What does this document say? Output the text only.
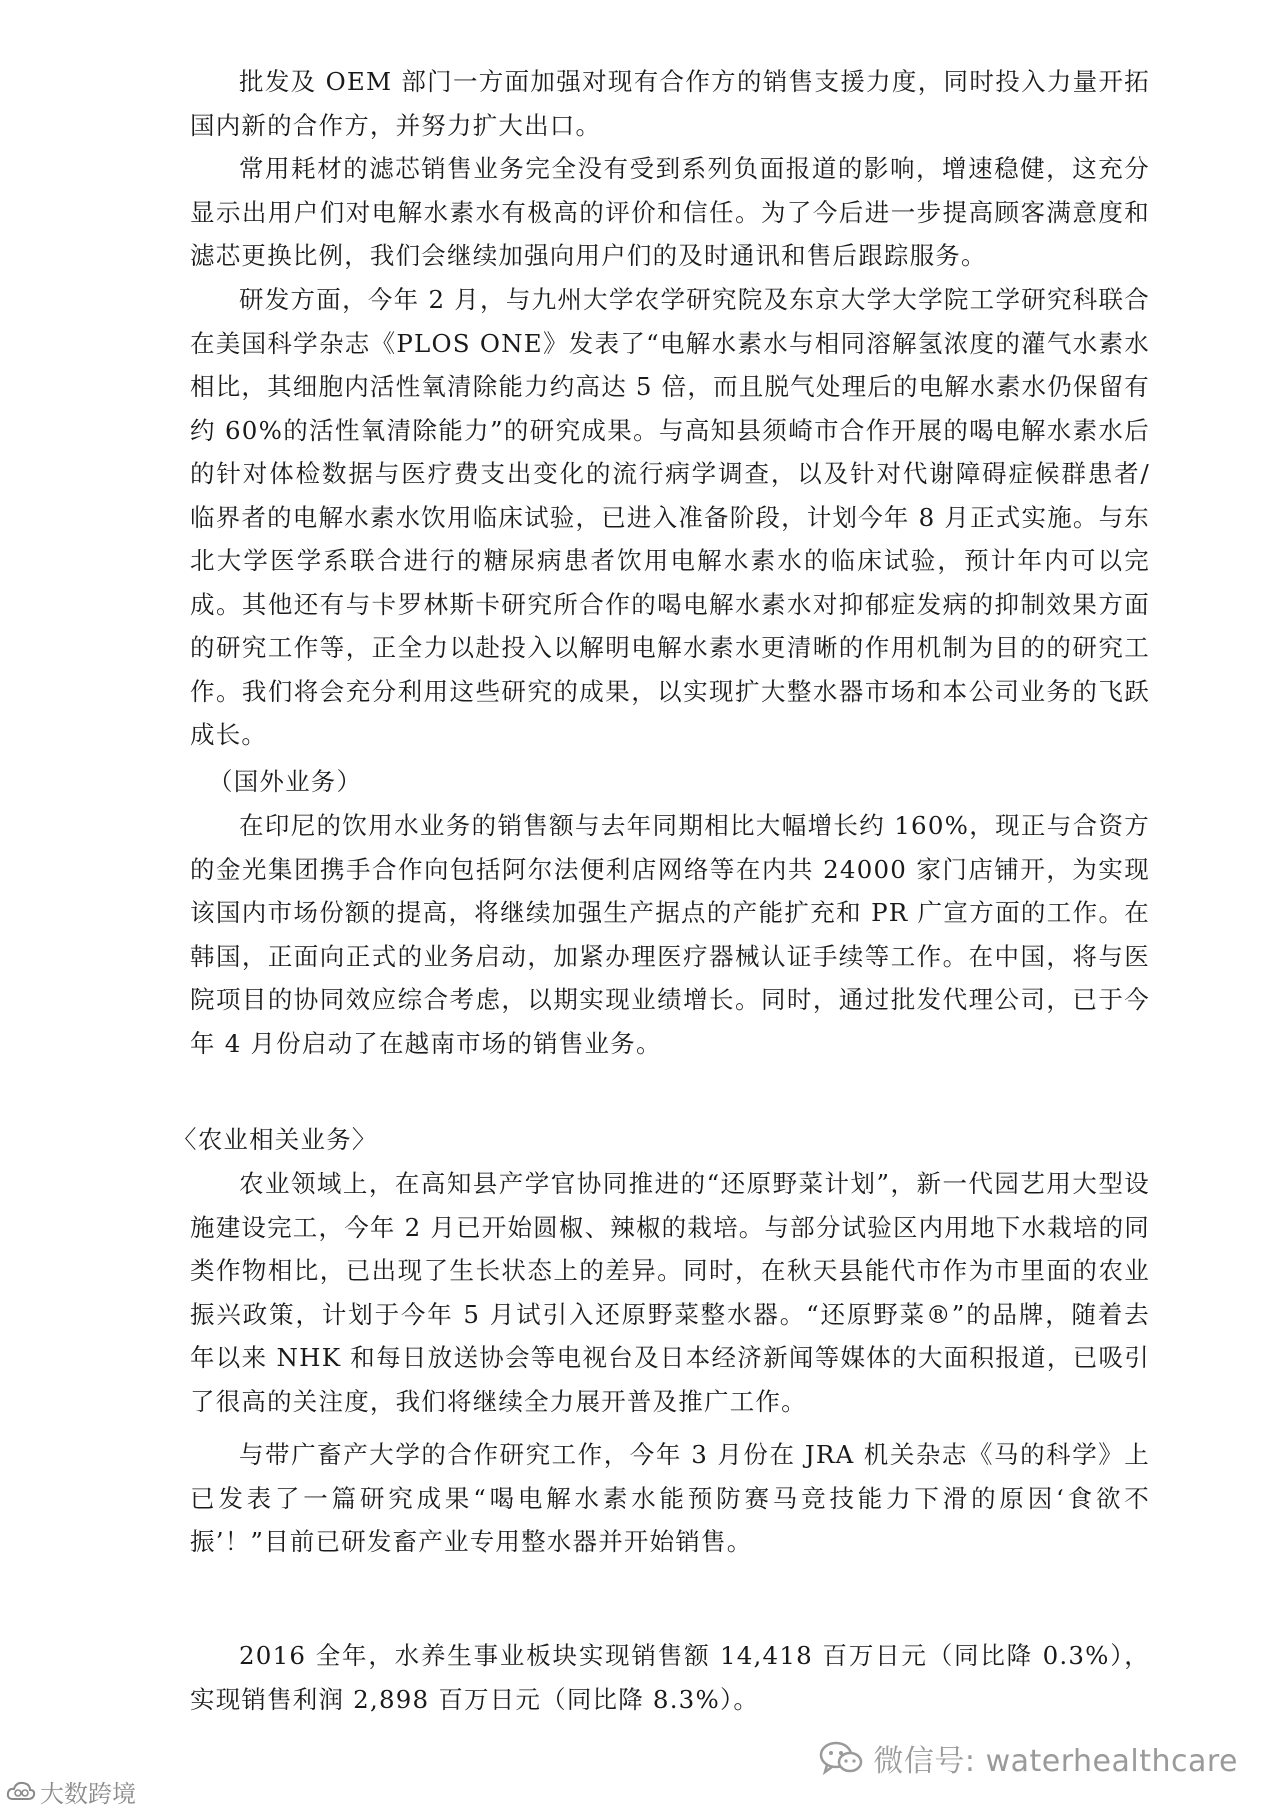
批发及 OEM 部门一方面加强对现有合作方的销售支援力度，同时投入力量开拓国内新的合作方，并努力扩大出口。

常用耗材的滤芯销售业务完全没有受到系列负面报道的影响，增速稳健，这充分显示出用户们对电解水素水有极高的评价和信任。为了今后进一步提高顾客满意度和滤芯更换比例，我们会继续加强向用户们的及时通讯和售后跟踪服务。

研发方面，今年 2 月，与九州大学农学研究院及东京大学大学院工学研究科联合在美国科学杂志《PLOS ONE》发表了“电解水素水与相同溶解氢浓度的灌气水素水相比，其细胞内活性氧清除能力约高达 5 倍，而且脱气处理后的电解水素水仍保留有约 60%的活性氧清除能力”的研究成果。与高知县须崎市合作开展的喝电解水素水后的针对体检数据与医疗费支出变化的流行病学调查，以及针对代谢障碍症候群患者/临界者的电解水素水饮用临床试验，已进入准备阶段，计划今年 8 月正式实施。与东北大学医学系联合进行的糖尿病患者饮用电解水素水的临床试验，预计年内可以完成。其他还有与卡罗林斯卡研究所合作的喝电解水素水对抑郁症发病的抑制效果方面的研究工作等，正全力以赴投入以解明电解水素水更清晰的作用机制为目的的研究工作。我们将会充分利用这些研究的成果，以实现扩大整水器市场和本公司业务的飞跃成长。

（国外业务）

在印尼的饮用水业务的销售额与去年同期相比大幅增长约 160%，现正与合资方的金光集团携手合作向包括阿尔法便利店网络等在内共 24000 家门店铺开，为实现该国内市场份额的提高，将继续加强生产据点的产能扩充和 PR 广宣方面的工作。在韩国，正面向正式的业务启动，加紧办理医疗器械认证手续等工作。在中国，将与医院项目的协同效应综合考虑，以期实现业绩增长。同时，通过批发代理公司，已于今年 4 月份启动了在越南市场的销售业务。

〈农业相关业务〉

农业领域上，在高知县产学官协同推进的“还原野菜计划”，新一代园艺用大型设施建设完工，今年 2 月已开始圆椒、辣椒的栽培。与部分试验区内用地下水栽培的同类作物相比，已出现了生长状态上的差异。同时，在秋天县能代市作为市里面的农业振兴政策，计划于今年 5 月试引入还原野菜整水器。“还原野菜®”的品牌，随着去年以来 NHK 和每日放送协会等电视台及日本经济新闻等媒体的大面积报道，已吸引了很高的关注度，我们将继续全力展开普及推广工作。

与带广畜产大学的合作研究工作，今年 3 月份在 JRA 机关杂志《马的科学》上已发表了一篇研究成果“喝电解水素水能预防赛马竞技能力下滑的原因‘食欲不振’！”目前已研发畜产业专用整水器并开始销售。

2016 全年，水养生事业板块实现销售额 14,418 百万日元（同比降 0.3%），实现销售利润 2,898 百万日元（同比降 8.3%）。

微信号: waterhealthcare
大数跨境
